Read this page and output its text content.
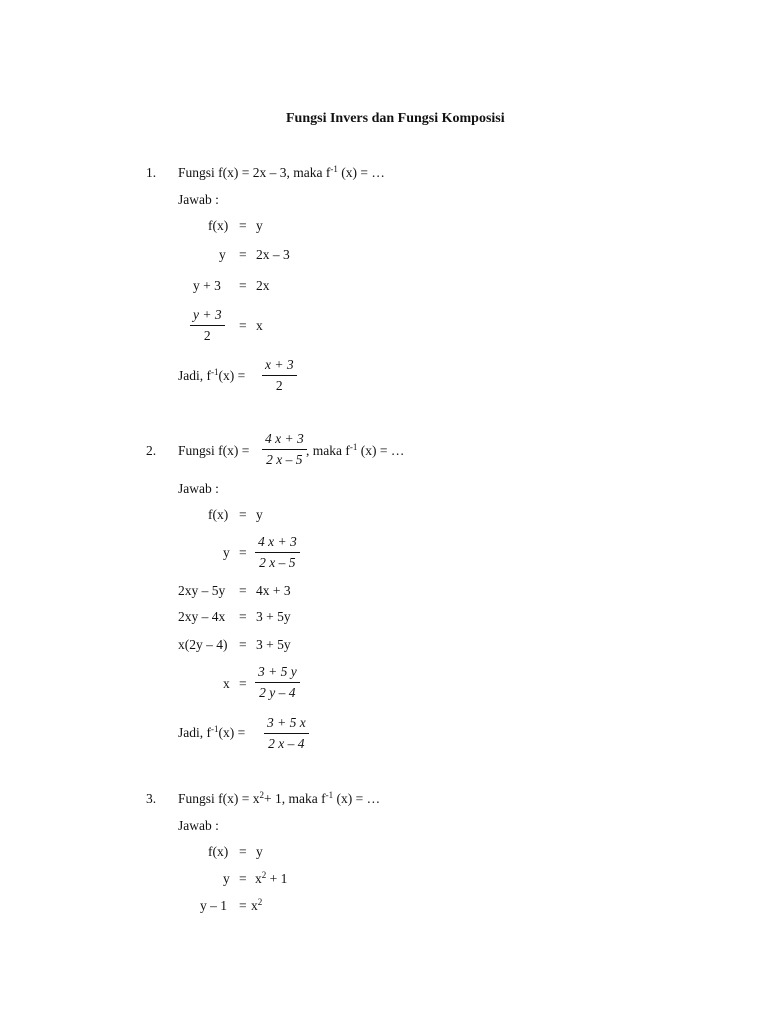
Fungsi Invers dan Fungsi Komposisi
1. Fungsi f(x) = 2x – 3, maka $f^{-1}$ (x) = …
Jawab :
f(x) = y
y = 2x – 3
y + 3 = 2x
$\frac{y + 3}{2} = x$
Jadi, $f^{-1}(x) = \frac{x + 3}{2}$
2. Fungsi $f(x) = \frac{4 x + 3}{2 x - 5}$ , maka $f^{-1}$ (x) = …
Jawab :
f(x) = y
$y = \frac{4 x + 3}{2 x - 5}$
2xy – 5y = 4x + 3
2xy – 4x = 3 + 5y
x(2y – 4) = 3 + 5y
$x = \frac{3 + 5 y}{2 y - 4}$
Jadi, $f^{-1}(x) = \frac{3 + 5 x}{2 x - 4}$
3. Fungsi $f(x) = x^2+ 1$, maka $f^{-1}$ (x) = …
Jawab :
f(x) = y
$y = x^2 + 1$
$y - 1 = x^2$
